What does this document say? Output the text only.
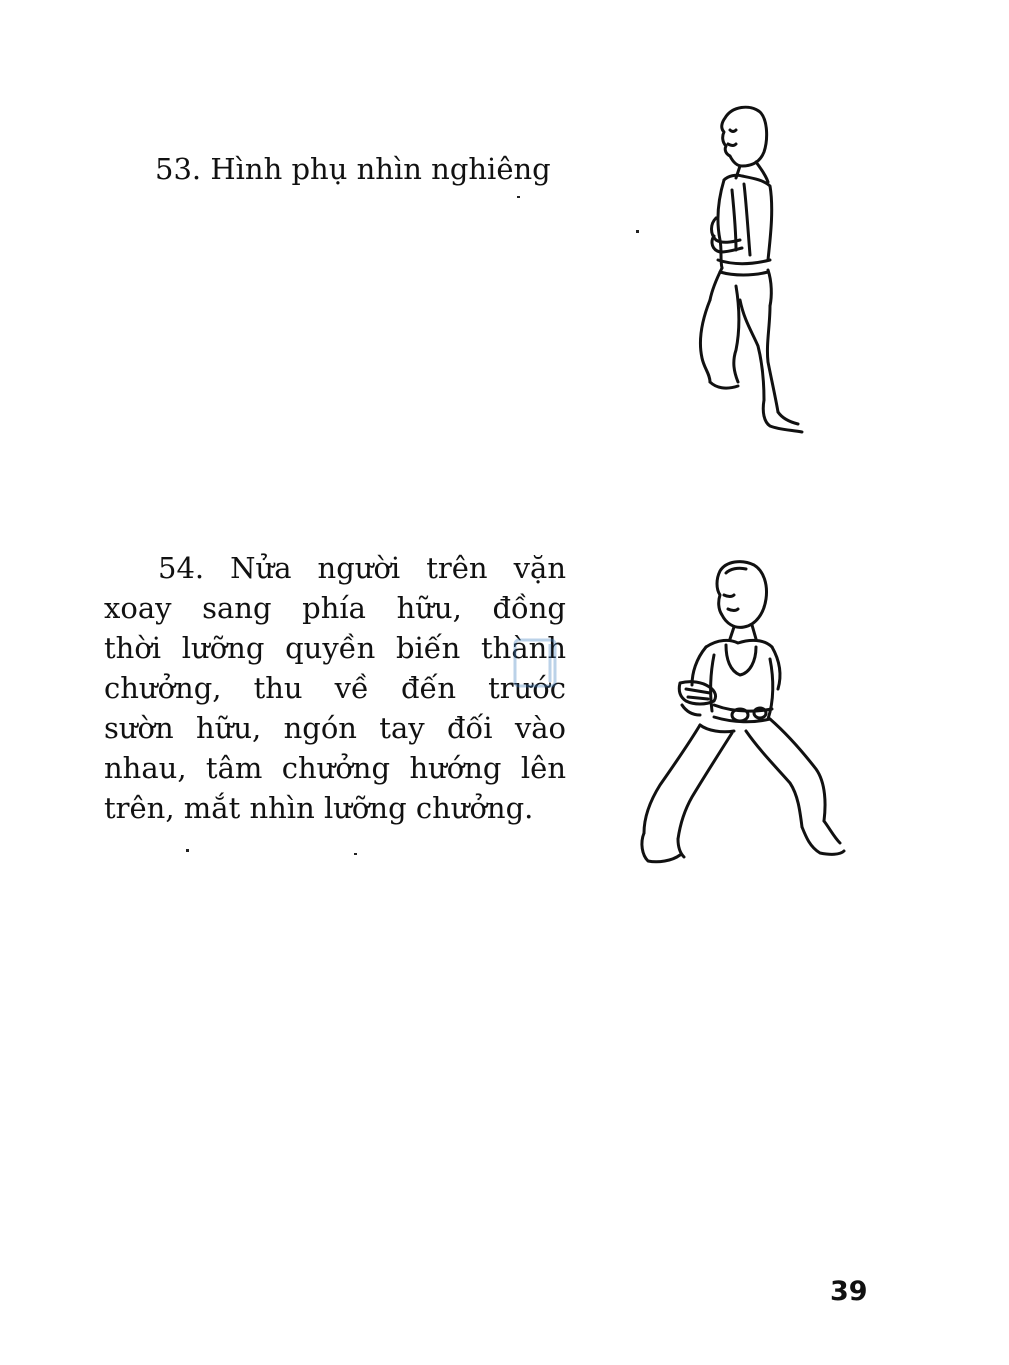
53. Hình phụ nhìn nghiêng
54. Nửa người trên vặn
xoay sang phía hữu, đồng
thời lưỡng quyền biến thành
chưởng, thu về đến trước
sườn hữu, ngón tay đối vào
nhau, tâm chưởng hướng lên
trên, mắt nhìn lưỡng chưởng.
39
